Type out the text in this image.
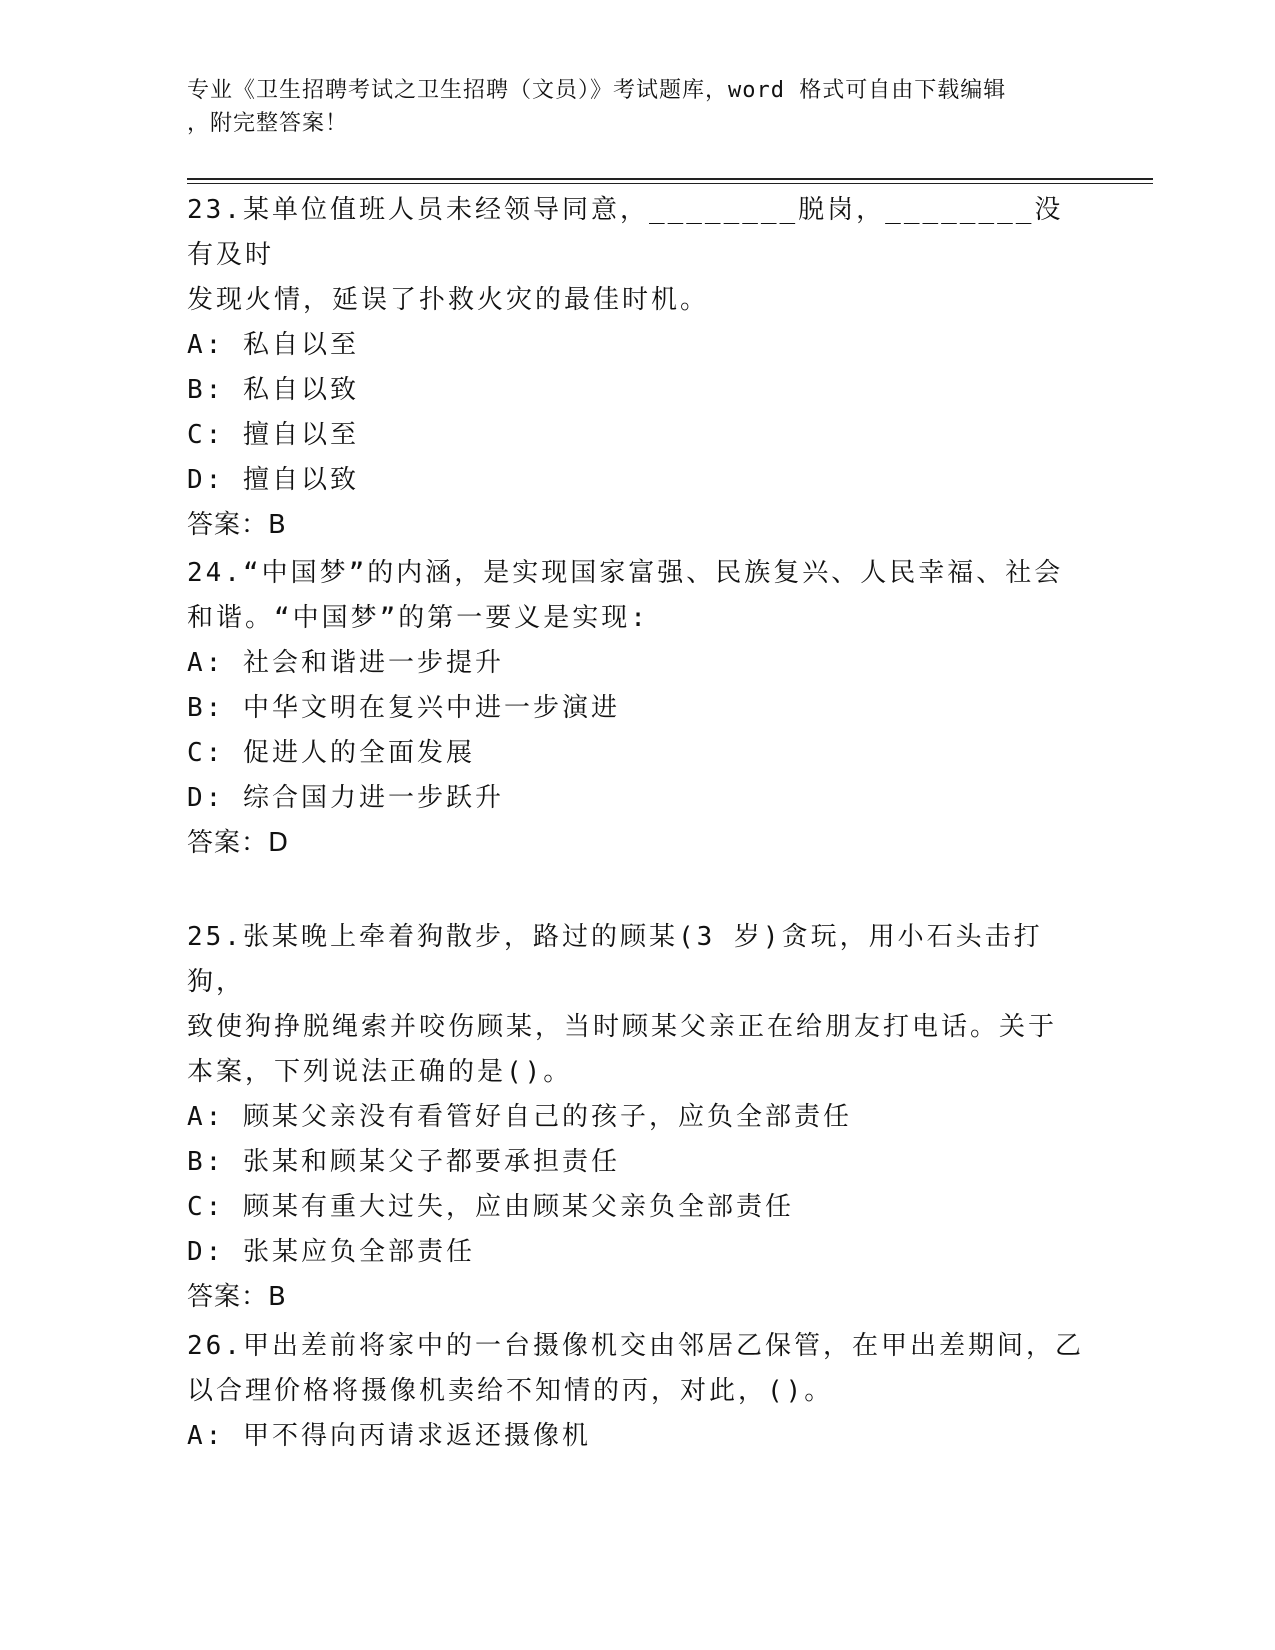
专业《卫生招聘考试之卫生招聘（文员）》考试题库，word 格式可自由下载编辑
，附完整答案！
23.某单位值班人员未经领导同意，________脱岗，________没有及时
发现火情，延误了扑救火灾的最佳时机。
A: 私自以至
B: 私自以致
C: 擅自以至
D: 擅自以致
答案：B
24.“中国梦”的内涵，是实现国家富强、民族复兴、人民幸福、社会
和谐。“中国梦”的第一要义是实现:
A: 社会和谐进一步提升
B: 中华文明在复兴中进一步演进
C: 促进人的全面发展
D: 综合国力进一步跃升
答案：D
25.张某晚上牵着狗散步，路过的顾某(3 岁)贪玩，用小石头击打狗，
致使狗挣脱绳索并咬伤顾某，当时顾某父亲正在给朋友打电话。关于
本案，下列说法正确的是()。
A: 顾某父亲没有看管好自己的孩子，应负全部责任
B: 张某和顾某父子都要承担责任
C: 顾某有重大过失，应由顾某父亲负全部责任
D: 张某应负全部责任
答案：B
26.甲出差前将家中的一台摄像机交由邻居乙保管，在甲出差期间，乙
以合理价格将摄像机卖给不知情的丙，对此，()。
A: 甲不得向丙请求返还摄像机
